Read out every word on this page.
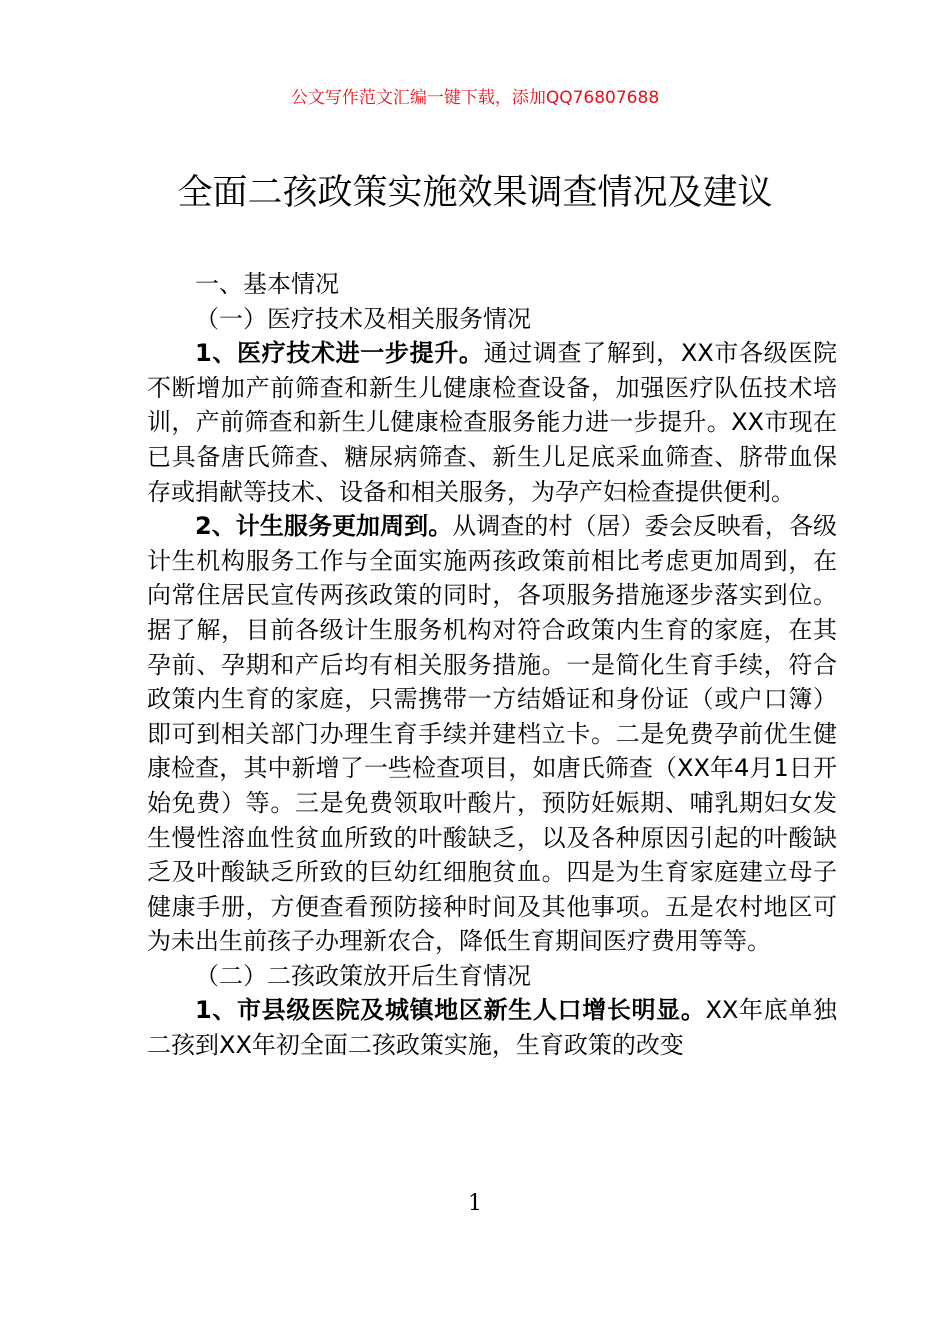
公文写作范文汇编一键下载，添加QQ76807688
全面二孩政策实施效果调查情况及建议

一、基本情况

（一）医疗技术及相关服务情况

1、医疗技术进一步提升。通过调查了解到，XX市各级医院不断增加产前筛查和新生儿健康检查设备，加强医疗队伍技术培训，产前筛查和新生儿健康检查服务能力进一步提升。XX市现在已具备唐氏筛查、糖尿病筛查、新生儿足底采血筛查、脐带血保存或捐献等技术、设备和相关服务，为孕产妇检查提供便利。

2、计生服务更加周到。从调查的村（居）委会反映看，各级计生机构服务工作与全面实施两孩政策前相比考虑更加周到，在向常住居民宣传两孩政策的同时，各项服务措施逐步落实到位。据了解，目前各级计生服务机构对符合政策内生育的家庭，在其孕前、孕期和产后均有相关服务措施。一是简化生育手续，符合政策内生育的家庭，只需携带一方结婚证和身份证（或户口簿）即可到相关部门办理生育手续并建档立卡。二是免费孕前优生健康检查，其中新增了一些检查项目，如唐氏筛查（XX年4月1日开始免费）等。三是免费领取叶酸片，预防妊娠期、哺乳期妇女发生慢性溶血性贫血所致的叶酸缺乏，以及各种原因引起的叶酸缺乏及叶酸缺乏所致的巨幼红细胞贫血。四是为生育家庭建立母子健康手册，方便查看预防接种时间及其他事项。五是农村地区可为未出生前孩子办理新农合，降低生育期间医疗费用等等。

（二）二孩政策放开后生育情况

1、市县级医院及城镇地区新生人口增长明显。XX年底单独二孩到XX年初全面二孩政策实施，生育政策的改变

1
